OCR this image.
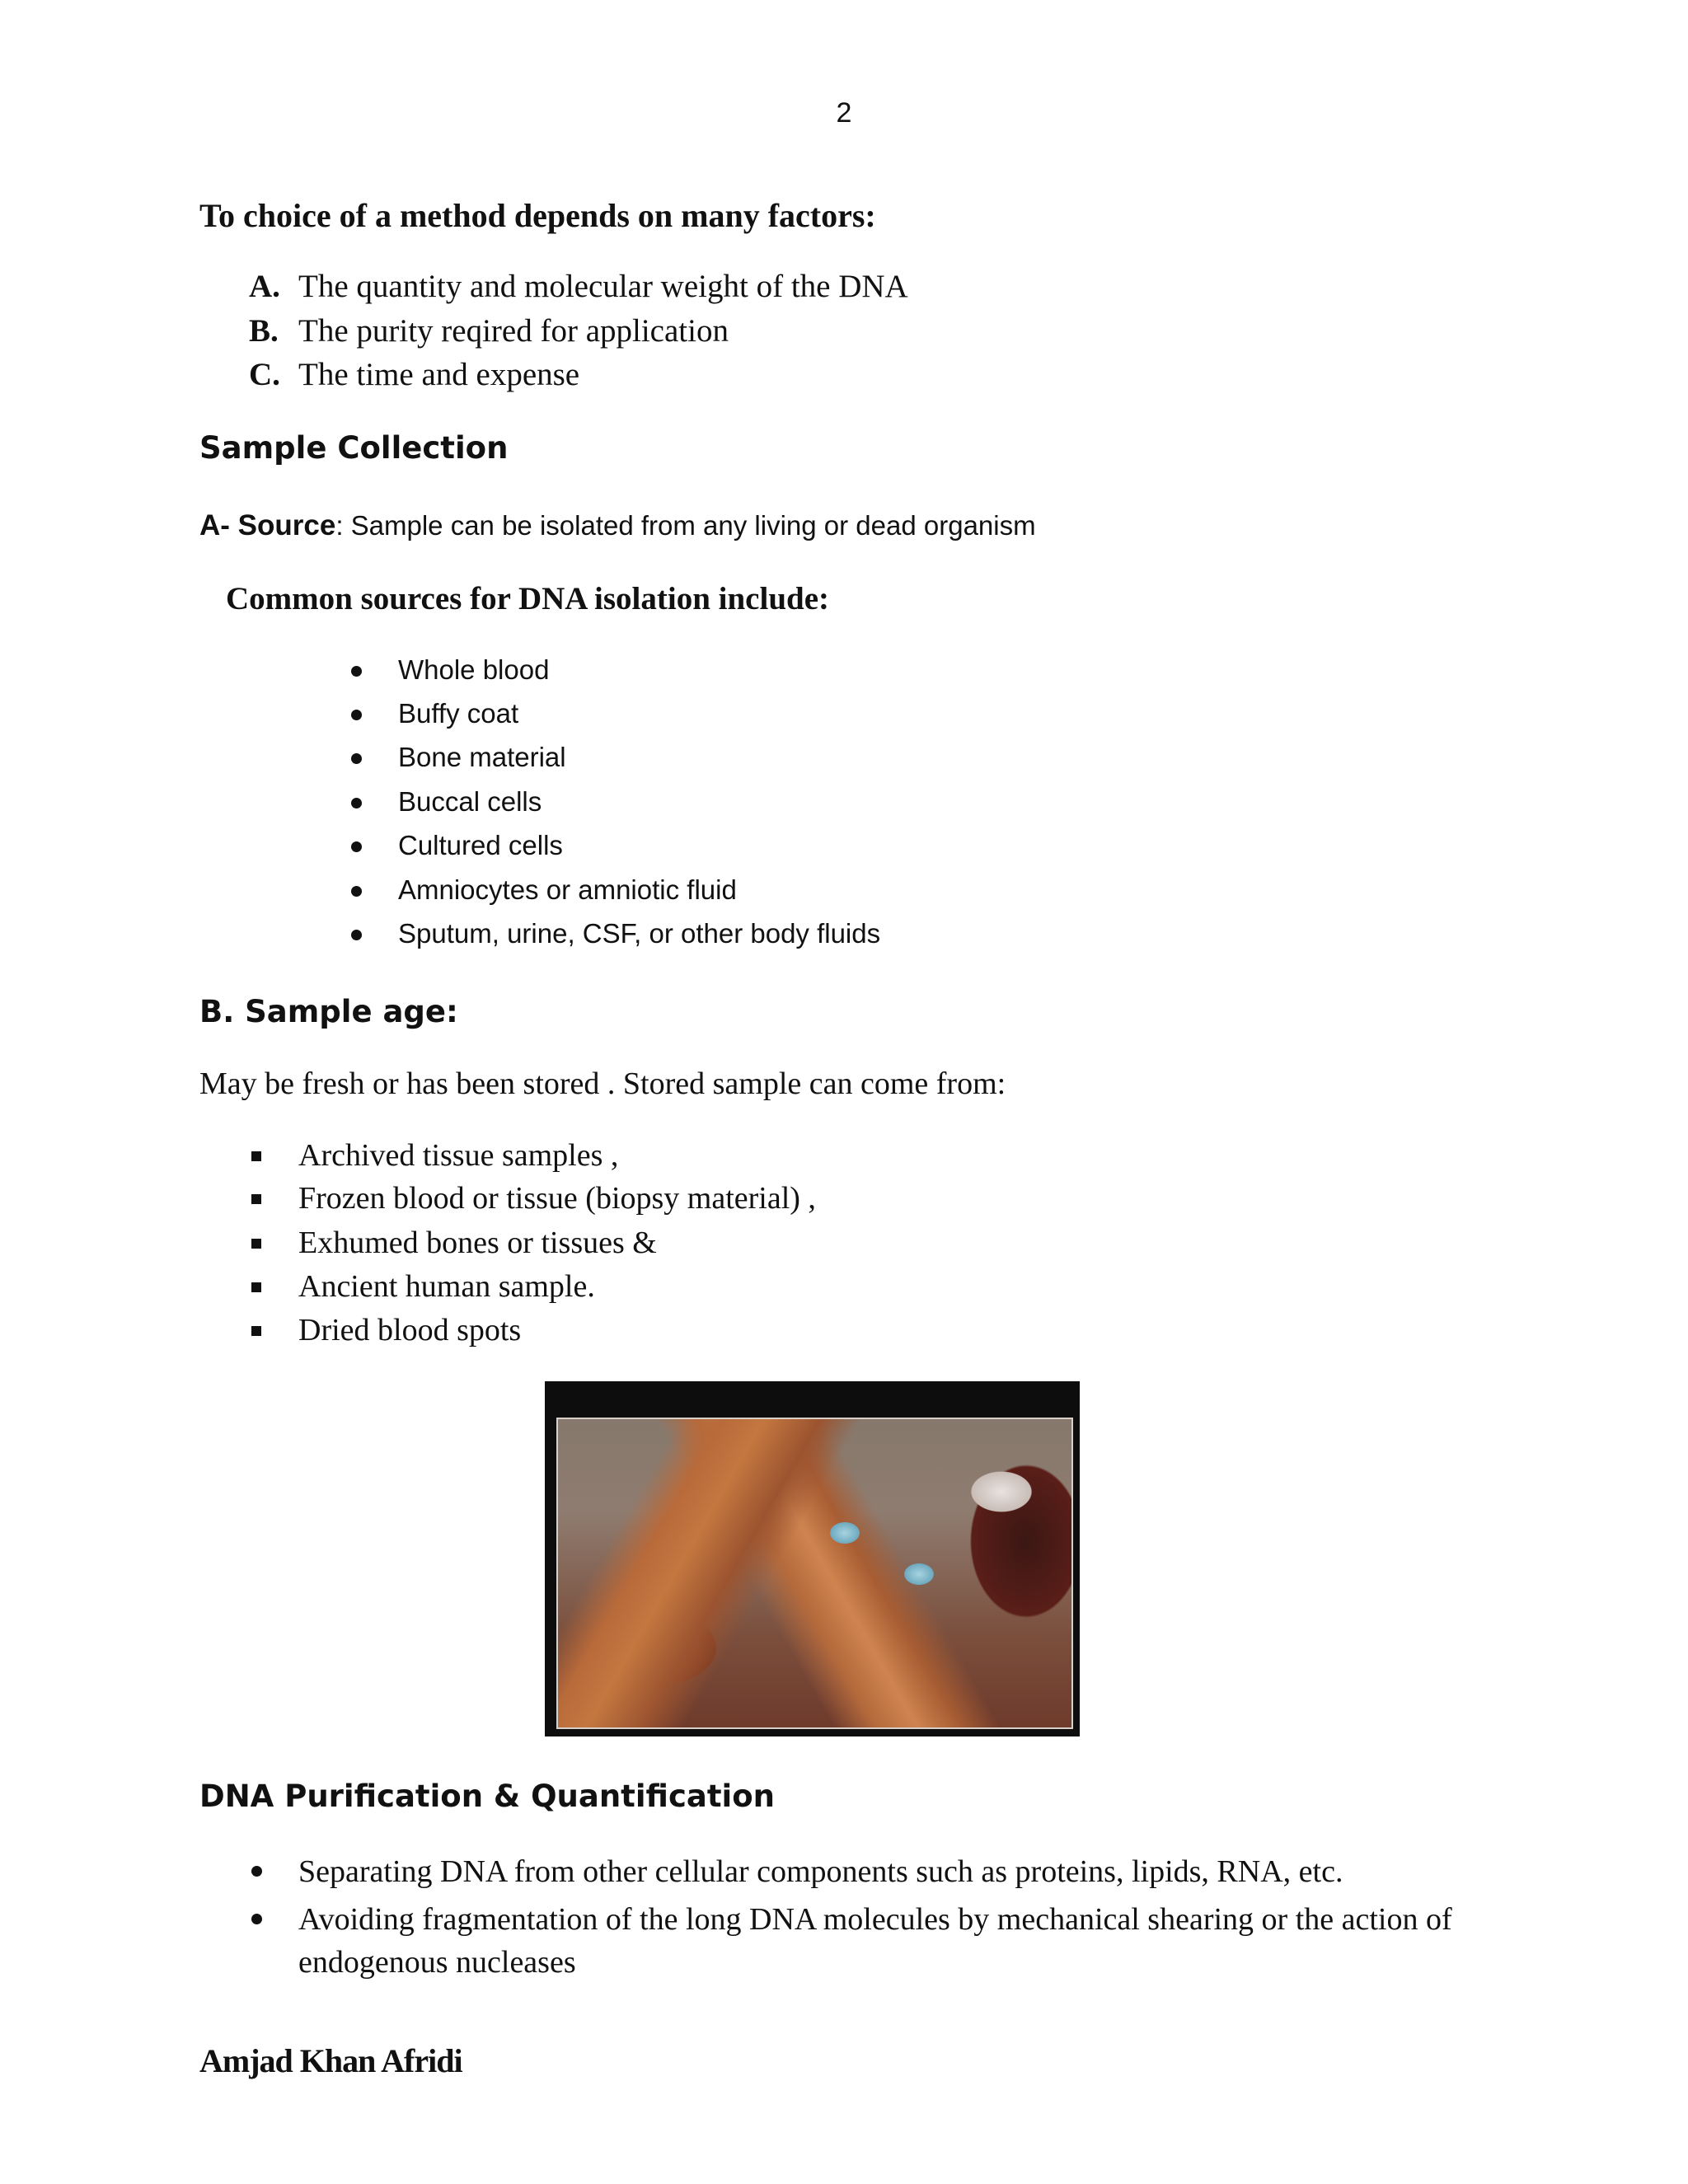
2
To choice of a method depends on many factors:
A. The quantity and molecular weight of the DNA
B. The purity reqired for application
C. The time and expense
Sample Collection
A- Source: Sample can be isolated from any living or dead organism
Common sources for DNA isolation include:
Whole blood
Buffy coat
Bone material
Buccal cells
Cultured cells
Amniocytes or amniotic fluid
Sputum, urine, CSF, or other body fluids
B. Sample age:
May be fresh or has been stored . Stored sample can come from:
Archived tissue samples ,
Frozen blood or tissue (biopsy material) ,
Exhumed bones or tissues &
Ancient human sample.
Dried blood spots
DNA Purification & Quantification
Separating DNA from other cellular components such as proteins, lipids, RNA, etc.
Avoiding fragmentation of the long DNA molecules by mechanical shearing or the action of endogenous nucleases
Amjad Khan Afridi
